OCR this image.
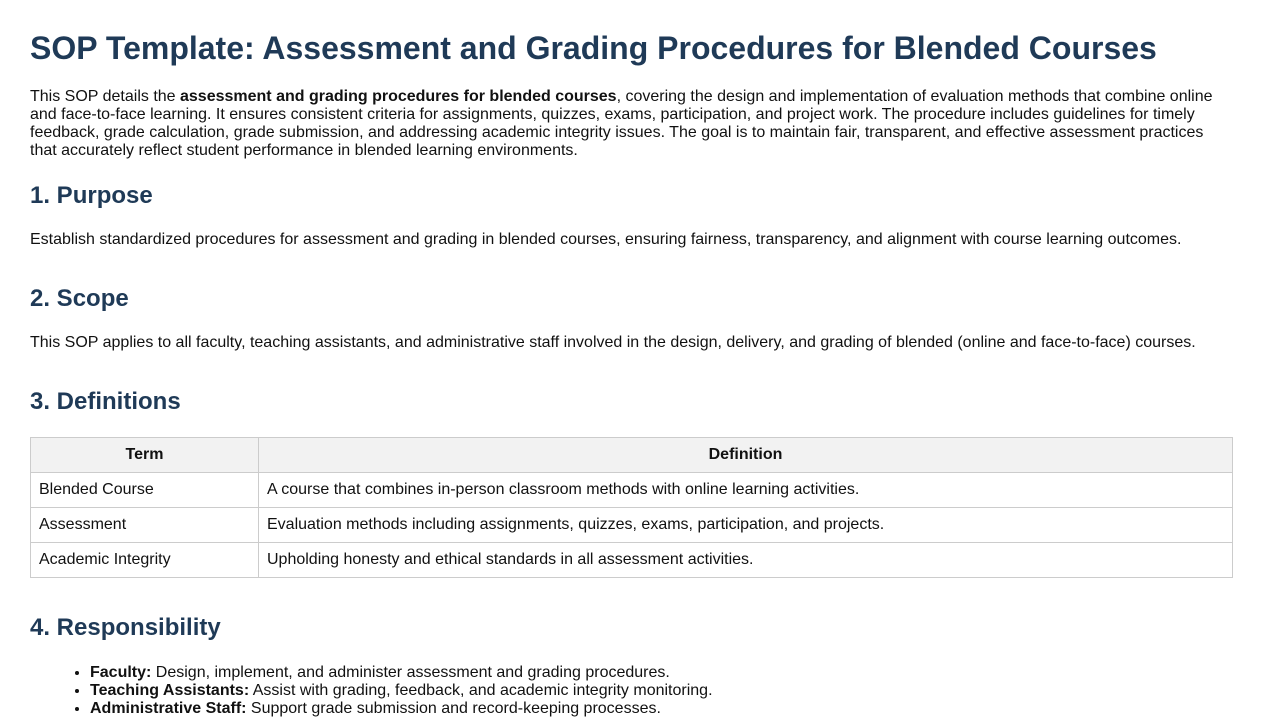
SOP Template: Assessment and Grading Procedures for Blended Courses

This SOP details the assessment and grading procedures for blended courses, covering the design and implementation of evaluation methods that combine online and face-to-face learning. It ensures consistent criteria for assignments, quizzes, exams, participation, and project work. The procedure includes guidelines for timely feedback, grade calculation, grade submission, and addressing academic integrity issues. The goal is to maintain fair, transparent, and effective assessment practices that accurately reflect student performance in blended learning environments.

1. Purpose

Establish standardized procedures for assessment and grading in blended courses, ensuring fairness, transparency, and alignment with course learning outcomes.

2. Scope

This SOP applies to all faculty, teaching assistants, and administrative staff involved in the design, delivery, and grading of blended (online and face-to-face) courses.

3. Definitions
Term	Definition
Blended Course	A course that combines in-person classroom methods with online learning activities.
Assessment	Evaluation methods including assignments, quizzes, exams, participation, and projects.
Academic Integrity	Upholding honesty and ethical standards in all assessment activities.
4. Responsibility
• Faculty: Design, implement, and administer assessment and grading procedures.
• Teaching Assistants: Assist with grading, feedback, and academic integrity monitoring.
• Administrative Staff: Support grade submission and record-keeping processes.
